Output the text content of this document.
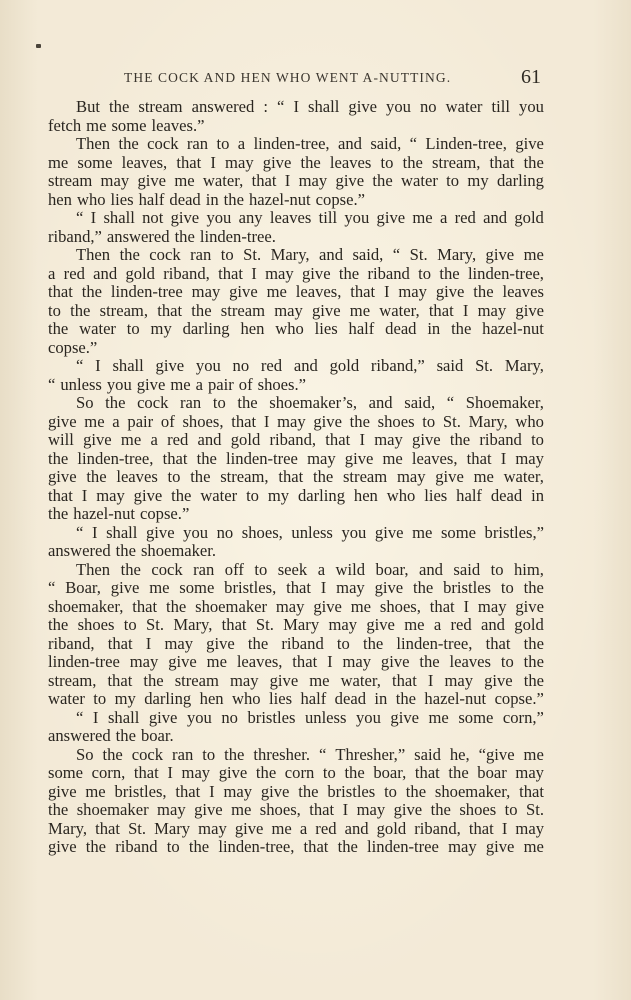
THE COCK AND HEN WHO WENT A-NUTTING.	61
But the stream answered : “ I shall give you no water till you
fetch me some leaves.”
Then the cock ran to a linden-tree, and said, “ Linden-tree, give
me some leaves, that I may give the leaves to the stream, that the
stream may give me water, that I may give the water to my darling
hen who lies half dead in the hazel-nut copse.”
“ I shall not give you any leaves till you give me a red and gold
riband,” answered the linden-tree.
Then the cock ran to St. Mary, and said, “ St. Mary, give me
a red and gold riband, that I may give the riband to the linden-tree,
that the linden-tree may give me leaves, that I may give the leaves
to the stream, that the stream may give me water, that I may give
the water to my darling hen who lies half dead in the hazel-nut
copse.”
“ I shall give you no red and gold riband,” said St. Mary,
“ unless you give me a pair of shoes.”
So the cock ran to the shoemaker’s, and said, “ Shoemaker,
give me a pair of shoes, that I may give the shoes to St. Mary, who
will give me a red and gold riband, that I may give the riband to
the linden-tree, that the linden-tree may give me leaves, that I may
give the leaves to the stream, that the stream may give me water,
that I may give the water to my darling hen who lies half dead in
the hazel-nut copse.”
“ I shall give you no shoes, unless you give me some bristles,”
answered the shoemaker.
Then the cock ran off to seek a wild boar, and said to him,
“ Boar, give me some bristles, that I may give the bristles to the
shoemaker, that the shoemaker may give me shoes, that I may give
the shoes to St. Mary, that St. Mary may give me a red and gold
riband, that I may give the riband to the linden-tree, that the
linden-tree may give me leaves, that I may give the leaves to the
stream, that the stream may give me water, that I may give the
water to my darling hen who lies half dead in the hazel-nut copse.”
“ I shall give you no bristles unless you give me some corn,”
answered the boar.
So the cock ran to the thresher. “ Thresher,” said he, “give me
some corn, that I may give the corn to the boar, that the boar may
give me bristles, that I may give the bristles to the shoemaker, that
the shoemaker may give me shoes, that I may give the shoes to St.
Mary, that St. Mary may give me a red and gold riband, that I may
give the riband to the linden-tree, that the linden-tree may give me
